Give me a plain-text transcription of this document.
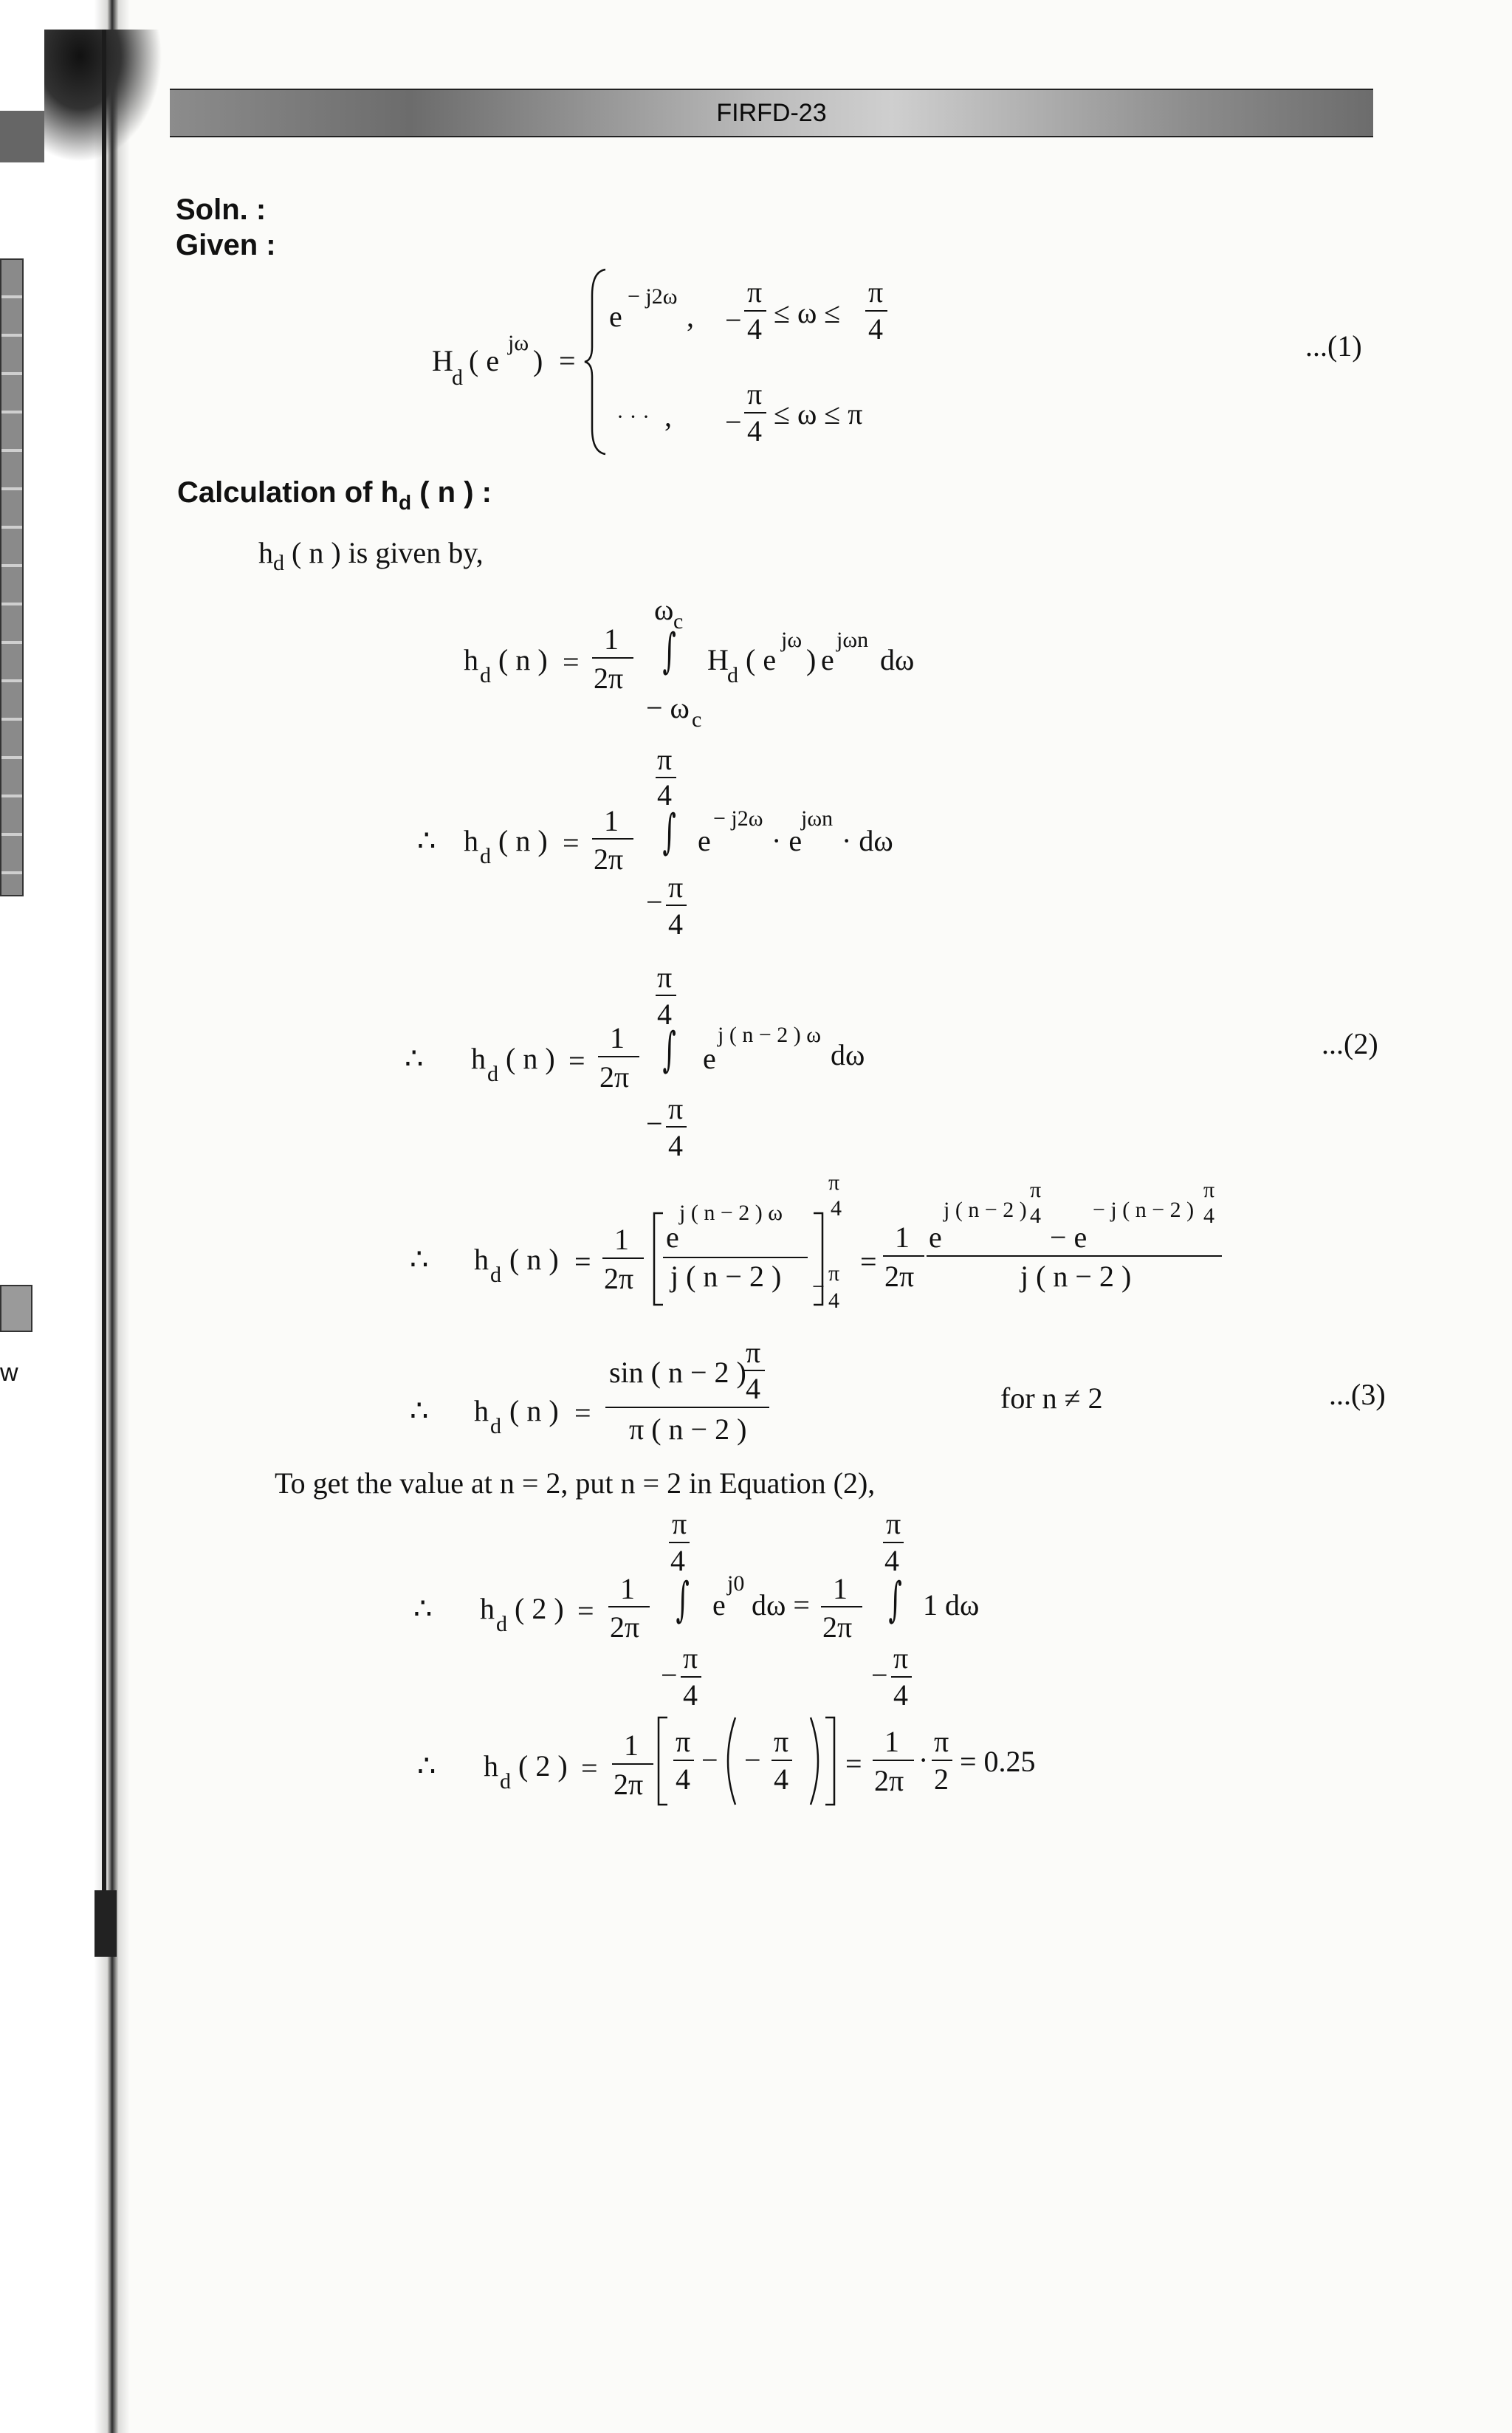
w
FIRFD-23
Soln. :
Given :
H
d
( e
jω
) =
e
− j2ω
, −
π
4 ≤ ω ≤
π
4
· · · , −
π
4
≤ ω ≤ π
...(1)
Calculation of $h_d$ ( n ) :
$h_d$ ( n ) is given by,
h d ( n ) =
1
2π
ω c
∫
− ω c
H
d ( e
jω
) e
jωn
dω
∴ h d ( n ) =
1
2π
π
4
∫
− π
4
e
− j2ω
· e
jωn
· dω
∴ h d ( n ) =
1
2π
π
4
∫
− π
4
e
j ( n − 2 ) ω
dω	...(2)
∴ h d ( n ) =
1
2π
e
j ( n − 2 ) ω
j ( n − 2 )
π
4
−
π
4
=
1
2π
e
j ( n − 2 )
π
4
− e
− j ( n − 2 )
π
4
j ( n − 2 )
∴ h d ( n ) =
sin ( n − 2 )
π
4
π ( n − 2 )
for n ≠ 2	...(3)
To get the value at n = 2, put n = 2 in Equation (2),
∴ h d ( 2 ) =
1
2π
π
4
∫
−
π
4
e
j0
dω = 1
2π
π
4
∫
−
π
4
1 dω
∴ h d ( 2 ) =
1
2π
π
4
− −
π
4 =
1
2π
·
π
2
= 0.25
